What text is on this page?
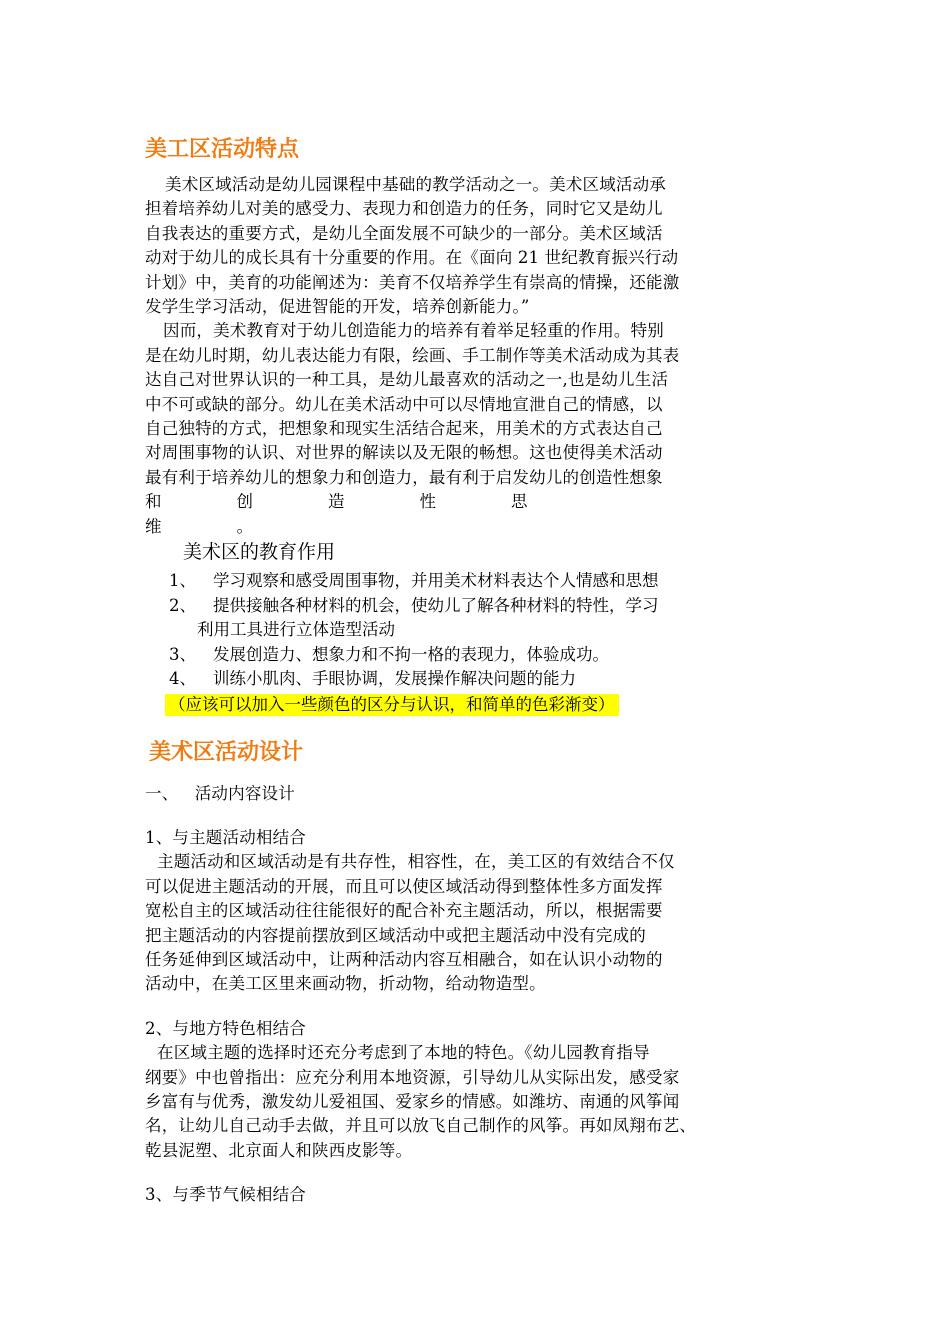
美工区活动特点

美术区域活动是幼儿园课程中基础的教学活动之一。美术区域活动承

担着培养幼儿对美的感受力、表现力和创造力的任务，同时它又是幼儿

自我表达的重要方式，是幼儿全面发展不可缺少的一部分。美术区域活

动对于幼儿的成长具有十分重要的作用。在《面向 21 世纪教育振兴行动

计划》中，美育的功能阐述为：美育不仅培养学生有崇高的情操，还能激

发学生学习活动，促进智能的开发，培养创新能力。”

因而，美术教育对于幼儿创造能力的培养有着举足轻重的作用。特别

是在幼儿时期，幼儿表达能力有限，绘画、手工制作等美术活动成为其表

达自己对世界认识的一种工具，是幼儿最喜欢的活动之一,也是幼儿生活

中不可或缺的部分。幼儿在美术活动中可以尽情地宣泄自己的情感，以

自己独特的方式，把想象和现实生活结合起来，用美术的方式表达自己

对周围事物的认识、对世界的解读以及无限的畅想。这也使得美术活动

最有利于培养幼儿的想象力和创造力，最有利于启发幼儿的创造性想象

和创造性思维。

美术区的教育作用

1、 学习观察和感受周围事物，并用美术材料表达个人情感和思想
2、 提供接触各种材料的机会，使幼儿了解各种材料的特性，学习
利用工具进行立体造型活动
3、 发展创造力、想象力和不拘一格的表现力，体验成功。
4、 训练小肌肉、手眼协调，发展操作解决问题的能力
（应该可以加入一些颜色的区分与认识，和简单的色彩渐变）
美术区活动设计

一、   活动内容设计

1、与主题活动相结合

主题活动和区域活动是有共存性，相容性，在，美工区的有效结合不仅

可以促进主题活动的开展，而且可以使区域活动得到整体性多方面发挥

宽松自主的区域活动往往能很好的配合补充主题活动，所以，根据需要

把主题活动的内容提前摆放到区域活动中或把主题活动中没有完成的

任务延伸到区域活动中，让两种活动内容互相融合，如在认识小动物的

活动中，在美工区里来画动物，折动物，给动物造型。

2、与地方特色相结合

在区域主题的选择时还充分考虑到了本地的特色。《幼儿园教育指导

纲要》中也曾指出：应充分利用本地资源，引导幼儿从实际出发，感受家

乡富有与优秀，激发幼儿爱祖国、爱家乡的情感。如潍坊、南通的风筝闻

名，让幼儿自己动手去做，并且可以放飞自己制作的风筝。再如凤翔布艺、

乾县泥塑、北京面人和陕西皮影等。

3、与季节气候相结合
